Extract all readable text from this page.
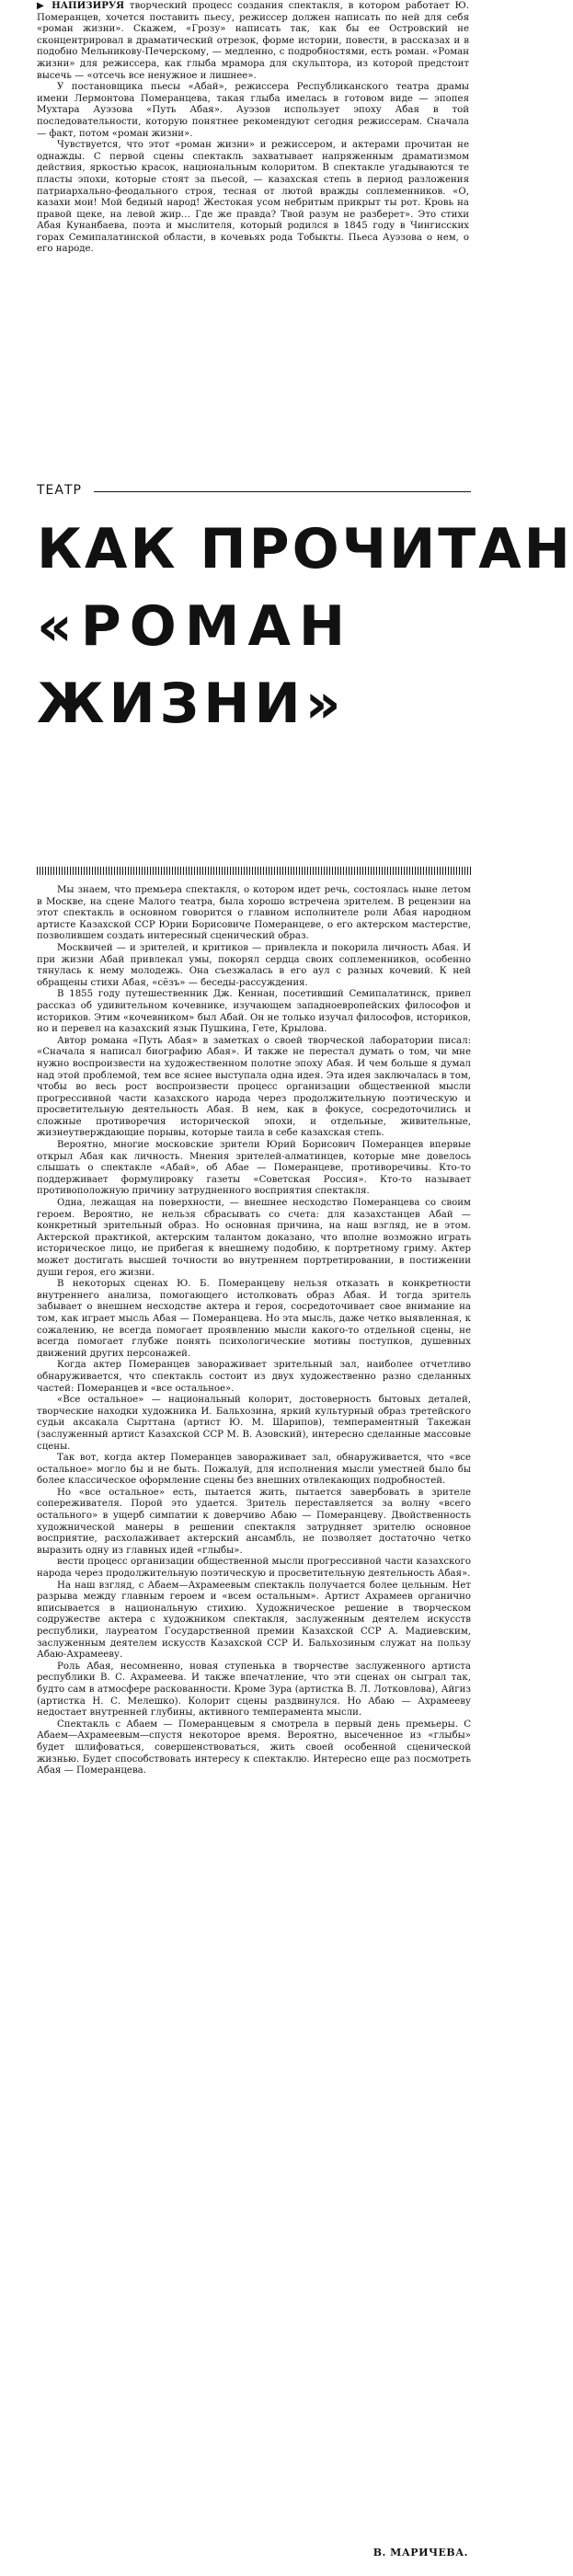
▶ НАПИЗИРУЯ творческий процесс создания спектакля, в котором работает Ю. Померанцев, хочется поставить пьесу, режиссер должен написать по ней для себя «роман жизни». Скажем, «Грозу» написать так, как бы ее Островский не сконцентрировал в драматический отрезок, форме истории, повести, в рассказах и в подобно Мельникову-Печерскому, — медленно, с подробностями, есть роман. «Роман жизни» для режиссера, как глыба мрамора для скульптора, из которой предстоит высечь — «отсечь все ненужное и лишнее».

У постановщика пьесы «Абай», режиссера Республиканского театра драмы имени Лермонтова Померанцева, такая глыба имелась в готовом виде — эпопея Мухтара Ауэзова «Путь Абая». Ауэзов использует эпоху Абая в той последовательности, которую понятнее рекомендуют сегодня режиссерам. Сначала — факт, потом «роман жизни».

Чувствуется, что этот «роман жизни» и режиссером, и актерами прочитан не однажды. С первой сцены спектакль захватывает напряженным драматизмом действия, яркостью красок, национальным колоритом. В спектакле угадываются те пласты эпохи, которые стоят за пьесой, — казахская степь в период разложения патриархально-феодального строя, тесная от лютой вражды соплеменников. «О, казахи мои! Мой бедный народ! Жестокая усом небритым прикрыт ты рот. Кровь на правой щеке, на левой жир… Где же правда? Твой разум не разберет». Это стихи Абая Кунанбаева, поэта и мыслителя, который родился в 1845 году в Чингисских горах Семипалатинской области, в кочевьях рода Тобыкты. Пьеса Ауэзова о нем, о его народе.

ТЕАТР
КАК ПРОЧИТАН
«РОМАН
ЖИЗНИ»

Мы знаем, что премьера спектакля, о котором идет речь, состоялась ныне летом в Москве, на сцене Малого театра, была хорошо встречена зрителем. В рецензии на этот спектакль в основном говорится о главном исполнителе роли Абая народном артисте Казахской ССР Юрии Борисовиче Померанцеве, о его актерском мастерстве, позволившем создать интересный сценический образ.

Москвичей — и зрителей, и критиков — привлекла и покорила личность Абая. И при жизни Абай привлекал умы, покорял сердца своих соплеменников, особенно тянулась к нему молодежь. Она съезжалась в его аул с разных кочевий. К ней обращены стихи Абая, «сёзъ» — беседы-рассуждения.

В 1855 году путешественник Дж. Кеннан, посетивший Семипалатинск, привел рассказ об удивительном кочевнике, изучающем западноевропейских философов и историков. Этим «кочевником» был Абай. Он не только изучал философов, историков, но и перевел на казахский язык Пушкина, Гете, Крылова.

Автор романа «Путь Абая» в заметках о своей творческой лаборатории писал: «Сначала я написал биографию Абая». И также не перестал думать о том, чи мне нужно воспроизвести на художественном полотне эпоху Абая. И чем больше я думал над этой проблемой, тем все яснее выступала одна идея. Эта идея заключалась в том, чтобы во весь рост воспроизвести процесс организации общественной мысли прогрессивной части казахского народа через продолжительную поэтическую и просветительную деятельность Абая. В нем, как в фокусе, сосредоточились и сложные противоречия исторической эпохи, и отдельные, живительные, жизнеутверждающие порывы, которые таила в себе казахская степь.

Вероятно, многие московские зрители Юрий Борисович Померанцев впервые открыл Абая как личность. Мнения зрителей-алматинцев, которые мне довелось слышать о спектакле «Абай», об Абае — Померанцеве, противоречивы. Кто-то поддерживает формулировку газеты «Советская Россия». Кто-то называет противоположную причину затрудненного восприятия спектакля.

Одна, лежащая на поверхности, — внешнее несходство Померанцева со своим героем. Вероятно, не нельзя сбрасывать со счета: для казахстанцев Абай — конкретный зрительный образ. Но основная причина, на наш взгляд, не в этом. Актерской практикой, актерским талантом доказано, что вполне возможно играть историческое лицо, не прибегая к внешнему подобию, к портретному гриму. Актер может достигать высшей точности во внутреннем портретировании, в постижении души героя, его жизни.

В некоторых сценах Ю. Б. Померанцеву нельзя отказать в конкретности внутреннего анализа, помогающего истолковать образ Абая. И тогда зритель забывает о внешнем несходстве актера и героя, сосредоточивает свое внимание на том, как играет мысль Абая — Померанцева. Но эта мысль, даже четко выявленная, к сожалению, не всегда помогает проявлению мысли какого-то отдельной сцены, не всегда помогает глубже понять психологические мотивы поступков, душевных движений других персонажей.

Когда актер Померанцев завораживает зрительный зал, наиболее отчетливо обнаруживается, что спектакль состоит из двух художественно разно сделанных частей: Померанцев и «все остальное».

«Все остальное» — национальный колорит, достоверность бытовых деталей, творческие находки художника И. Бальхозина, яркий культурный образ третейского судьи аксакала Сырттана (артист Ю. М. Шарипов), темпераментный Такежан (заслуженный артист Казахской ССР М. В. Азовский), интересно сделанные массовые сцены.

Так вот, когда актер Померанцев завораживает зал, обнаруживается, что «все остальное» могло бы и не быть. Пожалуй, для исполнения мысли уместней было бы более классическое оформление сцены без внешних отвлекающих подробностей.

Но «все остальное» есть, пытается жить, пытается завербовать в зрителе сопереживателя. Порой это удается. Зритель переставляется за волну «всего остального» в ущерб симпатии к доверчиво Абаю — Померанцеву. Двойственность художнической манеры в решении спектакля затрудняет зрителю основное восприятие, расхолаживает актерский ансамбль, не позволяет достаточно четко выразить одну из главных идей «глыбы».

вести процесс организации общественной мысли прогрессивной части казахского народа через продолжительную поэтическую и просветительную деятельность Абая».

На наш взгляд, с Абаем—Ахрамеевым спектакль получается более цельным. Нет разрыва между главным героем и «всем остальным». Артист Ахрамеев органично вписывается в национальную стихию. Художническое решение в творческом содружестве актера с художником спектакля, заслуженным деятелем искусств республики, лауреатом Государственной премии Казахской ССР А. Мадиевским, заслуженным деятелем искусств Казахской ССР И. Бальхозиным служат на пользу Абаю-Ахрамееву.

Роль Абая, несомненно, новая ступенька в творчестве заслуженного артиста республики В. С. Ахрамеева. И также впечатление, что эти сценах он сыграл так, будто сам в атмосфере раскованности. Кроме Зура (артистка В. Л. Лотковлова), Айгиз (артистка Н. С. Мелешко). Колорит сцены раздвинулся. Но Абаю — Ахрамееву недостает внутренней глубины, активного темперамента мысли.

Спектакль с Абаем — Померанцевым я смотрела в первый день премьеры. С Абаем—Ахрамеевым—спустя некоторое время. Вероятно, высеченное из «глыбы» будет шлифоваться, совершенствоваться, жить своей особенной сценической жизнью. Будет способствовать интересу к спектаклю. Интересно еще раз посмотреть Абая — Померанцева.

В. МАРИЧЕВА.
